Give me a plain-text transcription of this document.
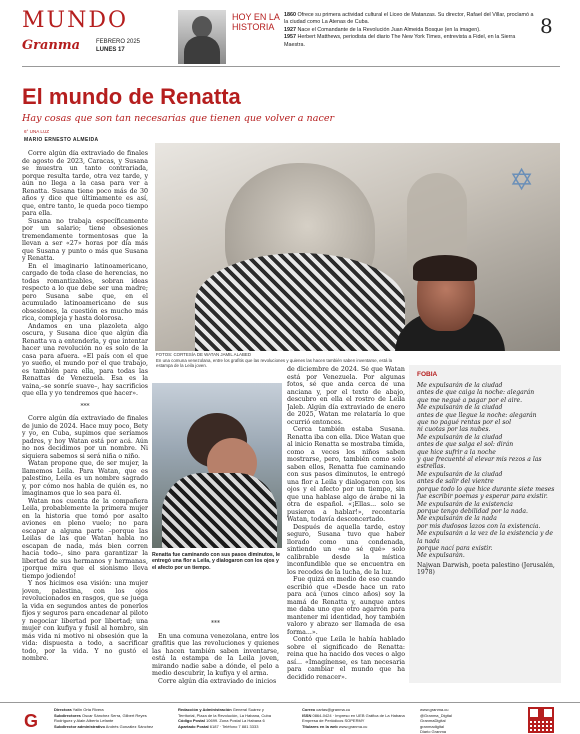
MUNDO
Granma	FEBRERO 2025
LUNES 17
HOY EN LA HISTORIA
1860 Ofrece su primera actividad cultural el Liceo de Matanzas. Su director, Rafael del Villar, proclamó a la ciudad como La Atenas de Cuba.
1927 Nace el Comandante de la Revolución Juan Almeida Bosque (en la imagen).
1957 Herbert Matthews, periodista del diario The New York Times, entrevista a Fidel, en la Sierra Maestra.
8
El mundo de Renatta
Hay cosas que son tan necesarias que tienen que volver a nacer
6° UNA LUZ
MARIO ERNESTO ALMEIDA

Corre algún día extraviado de finales de agosto de 2023, Caracas, y Susana se muestra un tanto contrariada, porque resulta tarde, otra vez tarde, y aún no llega a la casa para ver a Renatta. Susana tiene poco más de 30 años y dice que últimamente es así, que, entre tanto, le queda poco tiempo para ella.

Susana no trabaja específicamente por un salario; tiene obsesiones tremendamente tormentosas que la llevan a ser «27» horas por día más que Susana y punto o más que Susana y Renatta.

En el imaginario latinoamericano, cargado de toda clase de herencias, no todas romantizables, sobran ideas respecto a lo que debe ser una madre; pero Susana sabe que, en el acumulado latinoamericano de sus obsesiones, la cuestión es mucho más rica, compleja y hasta dolorosa.

Andamos en una plazoleta algo oscura, y Susana dice que algún día Renatta va a entenderla, y que intentar hacer una revolución no es solo de la casa para afuera. «El país con el que yo sueño, el mundo por el que trabajo, es también para ella, para todas las Renattas de Venezuela. Esa es la vaina,–se sonríe suave–, hay sacrificios que ella y yo tendremos que hacer».

***

Corre algún día extraviado de finales de junio de 2024. Hace muy poco, Bety y yo, en Cuba, supimos que seríamos padres, y hoy Watan está por acá. Aún no nos decidimos por un nombre. Ni siquiera sabemos si será niña o niño.

Watan propone que, de ser mujer, la llamemos Leila. Para Watan, que es palestino, Leila es un nombre sagrado y, por cómo nos habla de quién es, no imaginamos que lo sea para él.

Watan nos cuenta de la compañera Leila, probablemente la primera mujer en la historia que tomó por asalto aviones en pleno vuelo; no para escapar a alguna parte –porque las Leilas de las que Watan habla no escapan de nada, más bien corren hacia todo–, sino para garantizar la libertad de sus hermanos y hermanas, ¡porque mira que el sionismo lleva tiempo jodiendo!

Y nos hicimos esa visión: una mujer joven, palestina, con los ojos revolucionados en rasgos, que se juega la vida en segundos antes de ponerlos fijos y seguros para encadenar al piloto y negociar libertad por libertad; una mujer con kufiya y fusil al hombro, sin más vida ni motivo ni obsesión que la vida: dispuesta a todo, a sacrificar todo, por la vida. Y no gustó el nombre.

✡
FOTOS: CORTESÍA DE WATAN JAMIL ALABED
En una comuna venezolana, entre los grafitis que las revoluciones y quienes las hacen también saben inventarse, está la estampa de la Leila joven.
Renatta fue caminando con sus pasos diminutos, le entregó una flor a Leila, y dialogaron con los ojos y el afecto por un tiempo.

***

En una comuna venezolana, entre los grafitis que las revoluciones y quienes las hacen también saben inventarse, está la estampa de la Leila joven, mirando nadie sabe a dónde, el pelo a medio descubrir, la kufiya y el arma.

Corre algún día extraviado de inicios

de diciembre de 2024. Sé que Watan está por Venezuela. Por algunas fotos, sé que anda cerca de una anciana y, por el texto de abajo, descubro en ella el rostro de Leila Jaleb. Algún día extraviado de enero de 2025, Watan me relataría lo que ocurrió entonces.

Cerca también estaba Susana. Renatta iba con ella. Dice Watan que al inicio Renatta se mostraba tímida, como a veces los niños saben mostrarse, pero, también como solo saben ellos, Renatta fue caminando con sus pasos diminutos, le entregó una flor a Leila y dialogaron con los ojos y el afecto por un tiempo, sin que una hablase algo de árabe ni la otra de español. «¡Ellas... solo se pusieron a hablar!», recontaría Watan, todavía desconcertado.

Después de aquella tarde, estoy seguro, Susana tuvo que haber llorado como una condenada, sintiendo un «no sé qué» solo calibrable desde la mística inconfundible que se encuentra en los recodos de la lucha, de la luz.

Fue quizá en medio de eso cuando escribió que «Desde hace un rato para acá (unos cinco años) soy la mamá de Renatta y, aunque antes me daba uno que otro agarrón para mantener mi identidad, hoy también valoro y abrazo ser llamada de esa forma...».

Contó que Leila le había hablado sobre el significado de Renatta: reina que ha nacido dos veces o algo así... «Imagínense, es tan necesaria para cambiar el mundo que ha decidido renacer».

FOBIA
Me expulsarán de la ciudad
antes de que caiga la noche: alegarán
que me negué a pagar por el aire.
Me expulsarán de la ciudad
antes de que llegue la noche: alegarán
que no pagué rentas por el sol
ni cuotas por las nubes.
Me expulsarán de la ciudad
antes de que salga el sol: dirán
que hice sufrir a la noche
y que frecuenté al elevar mis rezos a las estrellas.
Me expulsarán de la ciudad
antes de salir del vientre
porque todo lo que hice durante siete meses
fue escribir poemas y esperar para existir.
Me expulsarán de la existencia
porque tengo debilidad por la nada.
Me expulsarán de la nada
por mis dudosos lazos con la existencia.
Me expulsarán a la vez de la existencia y de la nada
porque nací para existir.
Me expulsarán.
Najwan Darwish, poeta palestino (Jerusalén, 1978)
G
Directora Yailin Orta Rivera
Subdirectores Oscar Sánchez Serra, Gilbert Reyes
Rodríguez y Alain Alberto Lefante
Subdirector administrativo Andrés González Sánchez
Redacción y Administración General Suárez y
Territorial, Plaza de la Revolución, La Habana, Cuba
Código Postal 10699. Zona Postal La Habana 6
Apartado Postal 6187 · Teléfono 7 881 3333
Correo cartas@granma.cu
ISSN 0864-0424 · Impreso en UEB Gráfica de La Habana
Empresa de Periódicos SOPERMY
Titulares en la web www.granma.cu
www.granma.cu
@Granma_Digital
GranmaDigital
granmadigital
Diario Granma
